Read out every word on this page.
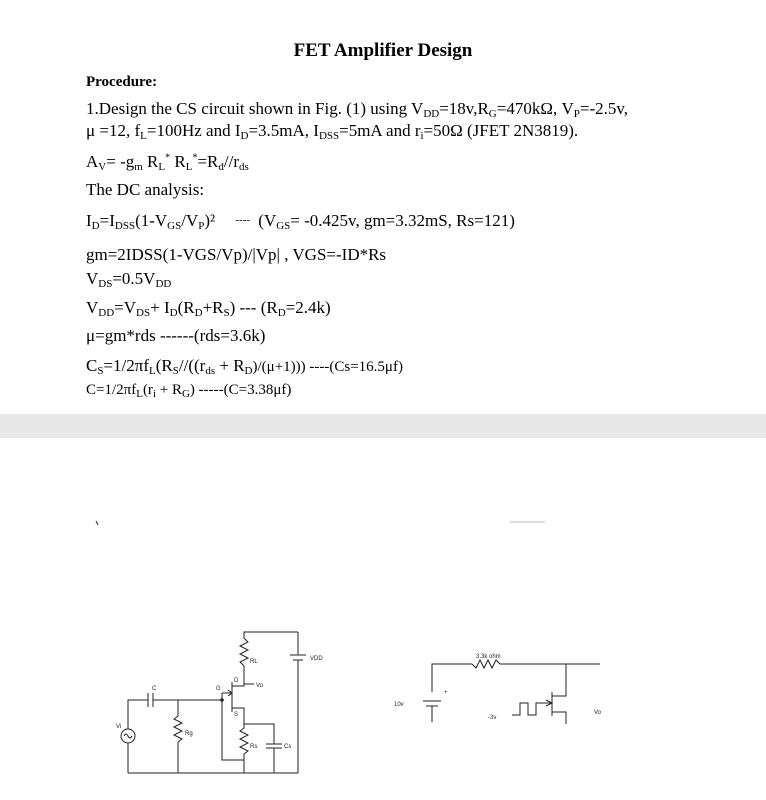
FET Amplifier Design
Procedure:
1.Design the CS circuit shown in Fig. (1) using $V_{DD}=18v,R_G=470k\Omega$, $V_P=-2.5v$,
μ =12, $f_L=100Hz$ and $I_D=3.5mA$, $I_{DSS}=5mA$ and $r_i=50\Omega$ (JFET 2N3819).
$A_V= -g_m$ $R_L^*$ $R_L^*=R_d//r_{ds}$
The DC analysis:
$I_D=I_{DSS}(1-V_{GS}/V_P)^2$ ---- ($V_{GS}= -0.425v$, gm=3.32mS, Rs=121)
gm=2IDSS(1-VGS/Vp)/|Vp| , VGS=-ID*Rs
$V_{DS}=0.5V_{DD}$
$V_{DD}=V_{DS}+ I_D(R_D+R_S)$ --- $(R_D=2.4k)$
μ=gm*rds ------(rds=3.6k)
$C_S=1/2\pi f_L(R_S//((r_{ds} + R_D)/(\mu+1)))$ ----(Cs=16.5μf)
$C=1/2\pi f_L(r_i + R_G)$ -----(C=3.38μf)
C
RL
Vo
VDD
Rg
Rs	Cs
Vi
D
S
G
3.3k ohm
10v
+
-3v
Vo
